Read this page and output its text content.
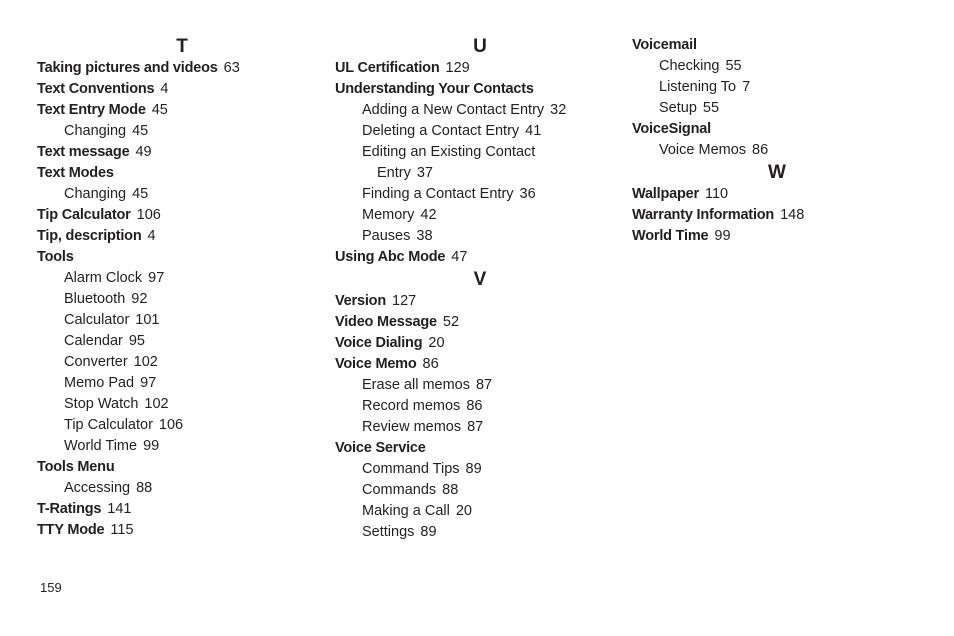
T
Taking pictures and videos 63
Text Conventions 4
Text Entry Mode 45
Changing 45
Text message 49
Text Modes
Changing 45
Tip Calculator 106
Tip, description 4
Tools
Alarm Clock 97
Bluetooth 92
Calculator 101
Calendar 95
Converter 102
Memo Pad 97
Stop Watch 102
Tip Calculator 106
World Time 99
Tools Menu
Accessing 88
T-Ratings 141
TTY Mode 115
U
UL Certification 129
Understanding Your Contacts
Adding a New Contact Entry 32
Deleting a Contact Entry 41
Editing an Existing Contact
Entry 37
Finding a Contact Entry 36
Memory 42
Pauses 38
Using Abc Mode 47
V
Version 127
Video Message 52
Voice Dialing 20
Voice Memo 86
Erase all memos 87
Record memos 86
Review memos 87
Voice Service
Command Tips 89
Commands 88
Making a Call 20
Settings 89
Voicemail
Checking 55
Listening To 7
Setup 55
VoiceSignal
Voice Memos 86
W
Wallpaper 110
Warranty Information 148
World Time 99
159
